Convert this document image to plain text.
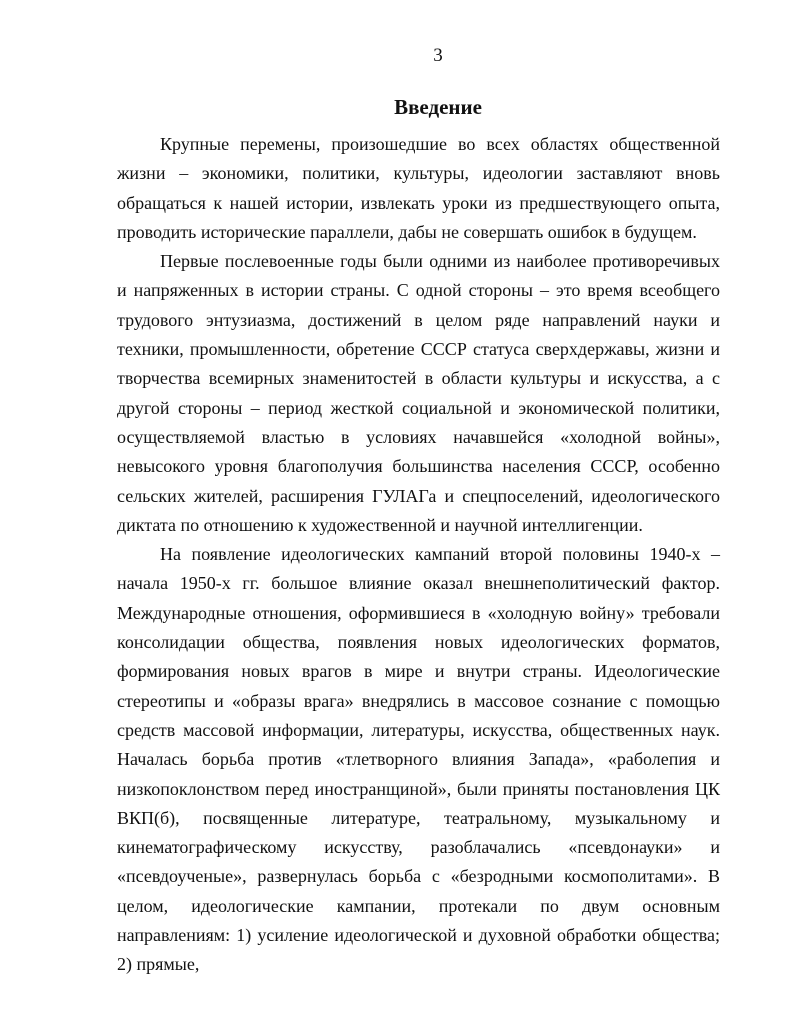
3
Введение

Крупные перемены, произошедшие во всех областях общественной жизни – экономики, политики, культуры, идеологии заставляют вновь обращаться к нашей истории, извлекать уроки из предшествующего опыта, проводить исторические параллели, дабы не совершать ошибок в будущем.

Первые послевоенные годы были одними из наиболее противоречивых и напряженных в истории страны. С одной стороны – это время всеобщего трудового энтузиазма, достижений в целом ряде направлений науки и техники, промышленности, обретение СССР статуса сверхдержавы, жизни и творчества всемирных знаменитостей в области культуры и искусства, а с другой стороны – период жесткой социальной и экономической политики, осуществляемой властью в условиях начавшейся «холодной войны», невысокого уровня благополучия большинства населения СССР, особенно сельских жителей, расширения ГУЛАГа и спецпоселений, идеологического диктата по отношению к художественной и научной интеллигенции.

На появление идеологических кампаний второй половины 1940-х – начала 1950-х гг. большое влияние оказал внешнеполитический фактор. Международные отношения, оформившиеся в «холодную войну» требовали консолидации общества, появления новых идеологических форматов, формирования новых врагов в мире и внутри страны. Идеологические стереотипы и «образы врага» внедрялись в массовое сознание с помощью средств массовой информации, литературы, искусства, общественных наук. Началась борьба против «тлетворного влияния Запада», «раболепия и низкопоклонством перед иностранщиной», были приняты постановления ЦК ВКП(б), посвященные литературе, театральному, музыкальному и кинематографическому искусству, разоблачались «псевдонауки» и «псевдоученые», развернулась борьба с «безродными космополитами». В целом, идеологические кампании, протекали по двум основным направлениям: 1) усиление идеологической и духовной обработки общества; 2) прямые,
